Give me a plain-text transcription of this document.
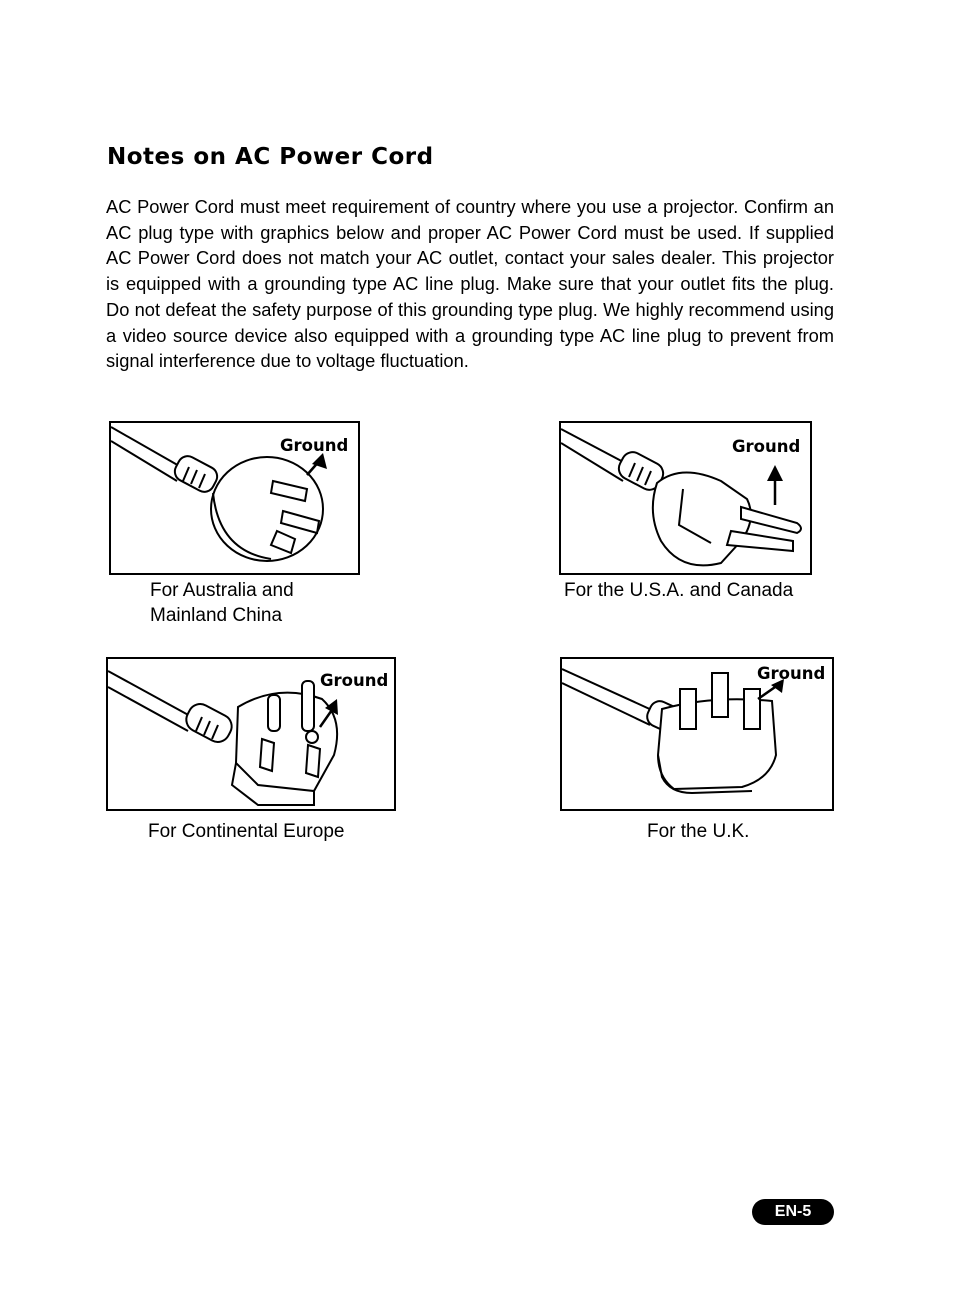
Notes on AC Power Cord

AC Power Cord must meet requirement of country where you use a projector. Confirm an AC plug type with graphics below and proper AC Power Cord must be used. If supplied AC Power Cord does not match your AC outlet, contact your sales dealer. This projector is equipped with a grounding type AC line plug. Make sure that your outlet fits the plug. Do not defeat the safety purpose of this grounding type plug. We highly recommend using a video source device also equipped with a grounding type AC line plug to prevent from signal interference due to voltage fluctuation.

Ground

For Australia and
Mainland China

Ground

For the U.S.A. and Canada

Ground

For Continental Europe

Ground

For the U.K.

EN-5
